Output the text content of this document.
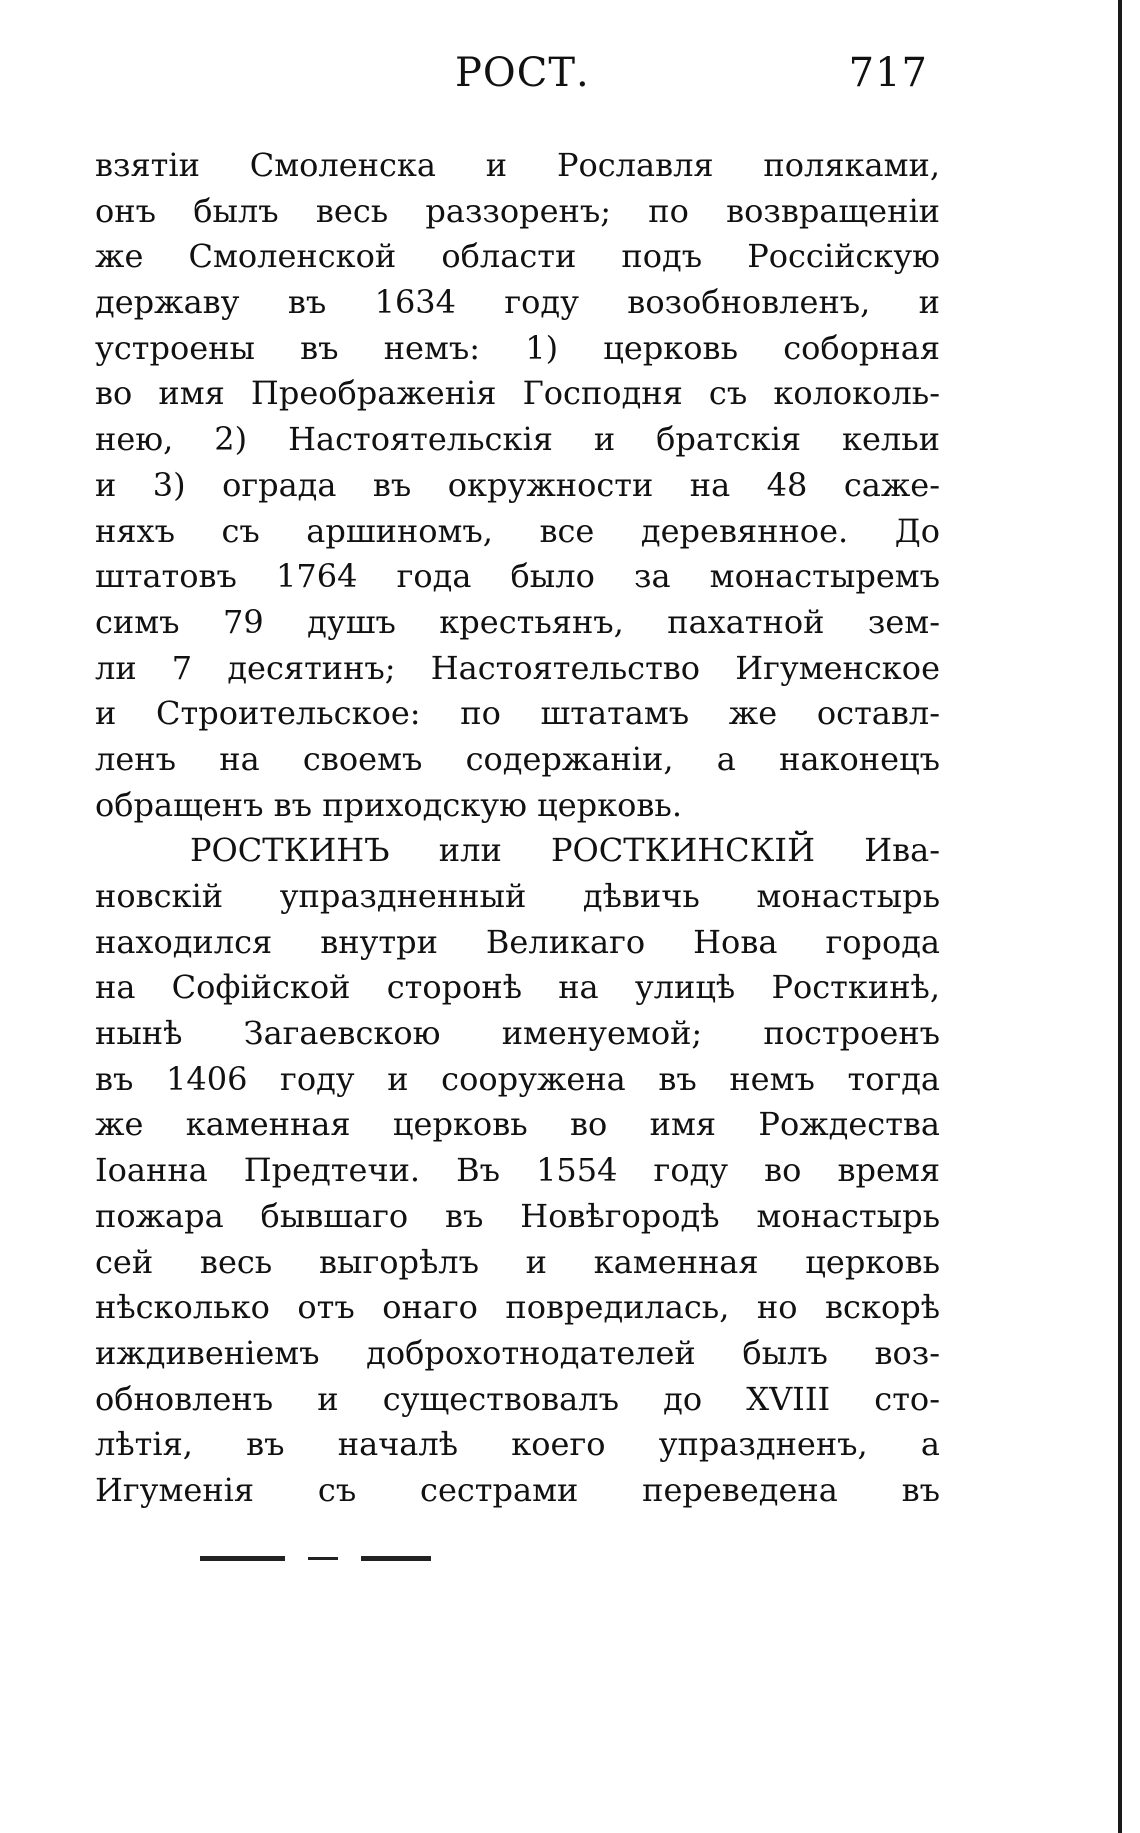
РОСТ.	717
взятіи Смоленска и Рославля поляками,
онъ былъ весь раззоренъ; по возвращеніи
же Смоленской области подъ Россійскую
державу въ 1634 году возобновленъ, и
устроены въ немъ: 1) церковь соборная
во имя Преображенія Господня съ колоколь-
нею, 2) Настоятельскія и братскія кельи
и 3) ограда въ окружности на 48 саже-
няхъ съ аршиномъ, все деревянное. До
штатовъ 1764 года было за монастыремъ
симъ 79 душъ крестьянъ, пахатной зем-
ли 7 десятинъ; Настоятельство Игуменское
и Строительское: по штатамъ же оставл-
ленъ на своемъ содержаніи, а наконецъ
обращенъ въ приходскую церковь.
РОСТКИНЪ или РОСТКИНСКІЙ Ива-
новскій упраздненный дѣвичь монастырь
находился внутри Великаго Нова города
на Софійской сторонѣ на улицѣ Росткинѣ,
нынѣ Загаевскою именуемой; построенъ
въ 1406 году и сооружена въ немъ тогда
же каменная церковь во имя Рождества
Іоанна Предтечи. Въ 1554 году во время
пожара бывшаго въ Новѣгородѣ монастырь
сей весь выгорѣлъ и каменная церковь
нѣсколько отъ онаго повредилась, но вскорѣ
иждивеніемъ доброхотнодателей былъ воз-
обновленъ и существовалъ до XVIII сто-
лѣтія, въ началѣ коего упраздненъ, а
Игуменія съ сестрами переведена въ
